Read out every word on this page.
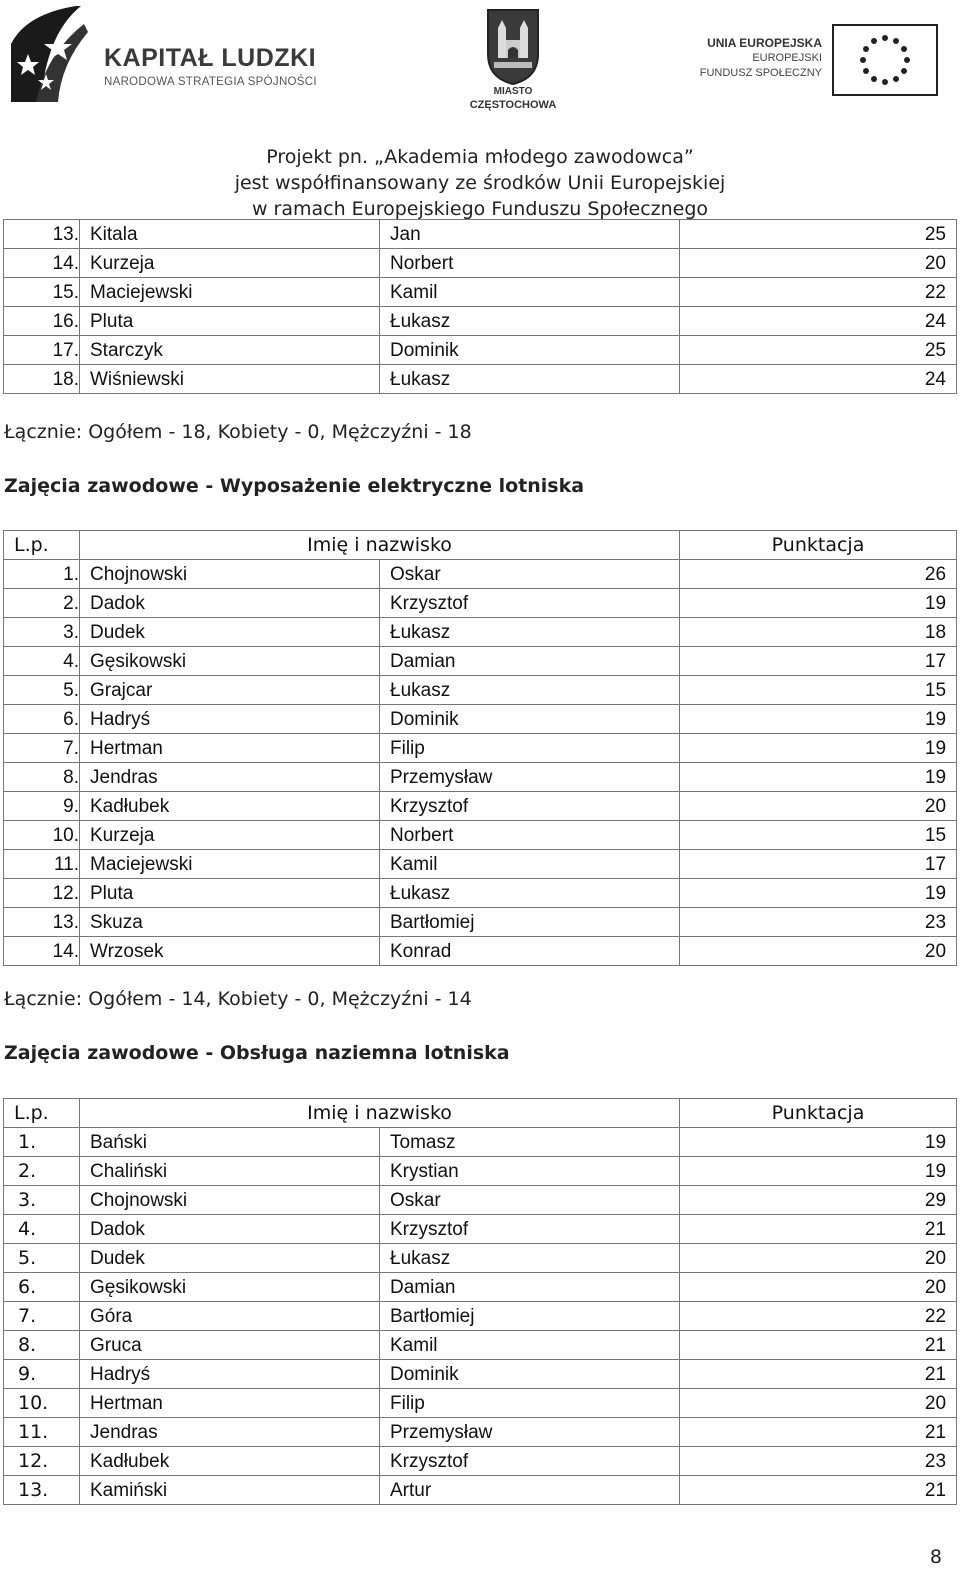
KAPITAŁ LUDZKI
NARODOWA STRATEGIA SPÓJNOŚCI
MIASTO
CZĘSTOCHOWA
UNIA EUROPEJSKA
EUROPEJSKI
FUNDUSZ SPOŁECZNY
Projekt pn. „Akademia młodego zawodowca”
jest współfinansowany ze środków Unii Europejskiej
w ramach Europejskiego Funduszu Społecznego
13.	Kitala	Jan	25
14.	Kurzeja	Norbert	20
15.	Maciejewski	Kamil	22
16.	Pluta	Łukasz	24
17.	Starczyk	Dominik	25
18.	Wiśniewski	Łukasz	24
Łącznie: Ogółem - 18, Kobiety - 0, Mężczyźni - 18
Zajęcia zawodowe - Wyposażenie elektryczne lotniska
L.p.	Imię i nazwisko		Punktacja
1.	Chojnowski	Oskar	26
2.	Dadok	Krzysztof	19
3.	Dudek	Łukasz	18
4.	Gęsikowski	Damian	17
5.	Grajcar	Łukasz	15
6.	Hadryś	Dominik	19
7.	Hertman	Filip	19
8.	Jendras	Przemysław	19
9.	Kadłubek	Krzysztof	20
10.	Kurzeja	Norbert	15
11.	Maciejewski	Kamil	17
12.	Pluta	Łukasz	19
13.	Skuza	Bartłomiej	23
14.	Wrzosek	Konrad	20
Łącznie: Ogółem - 14, Kobiety - 0, Mężczyźni - 14
Zajęcia zawodowe - Obsługa naziemna lotniska
L.p.	Imię i nazwisko		Punktacja
1.	Bański	Tomasz	19
2.	Chaliński	Krystian	19
3.	Chojnowski	Oskar	29
4.	Dadok	Krzysztof	21
5.	Dudek	Łukasz	20
6.	Gęsikowski	Damian	20
7.	Góra	Bartłomiej	22
8.	Gruca	Kamil	21
9.	Hadryś	Dominik	21
10.	Hertman	Filip	20
11.	Jendras	Przemysław	21
12.	Kadłubek	Krzysztof	23
13.	Kamiński	Artur	21
8
